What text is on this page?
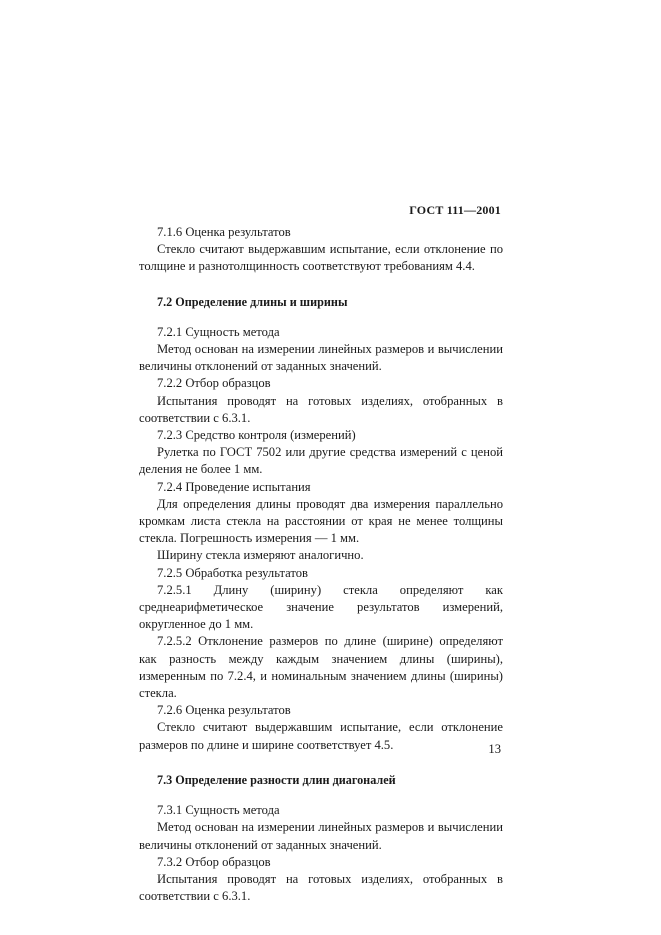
ГОСТ 111—2001

7.1.6 Оценка результатов

Стекло считают выдержавшим испытание, если отклонение по толщине и разнотолщинность соответствуют требованиям 4.4.

7.2 Определение длины и ширины

7.2.1 Сущность метода

Метод основан на измерении линейных размеров и вычислении величины отклонений от заданных значений.

7.2.2 Отбор образцов

Испытания проводят на готовых изделиях, отобранных в соответствии с 6.3.1.

7.2.3 Средство контроля (измерений)

Рулетка по ГОСТ 7502 или другие средства измерений с ценой деления не более 1 мм.

7.2.4 Проведение испытания

Для определения длины проводят два измерения параллельно кромкам листа стекла на расстоянии от края не менее толщины стекла. Погрешность измерения — 1 мм.

Ширину стекла измеряют аналогично.

7.2.5 Обработка результатов

7.2.5.1 Длину (ширину) стекла определяют как среднеарифметическое значение результатов измерений, округленное до 1 мм.

7.2.5.2 Отклонение размеров по длине (ширине) определяют как разность между каждым значением длины (ширины), измеренным по 7.2.4, и номинальным значением длины (ширины) стекла.

7.2.6 Оценка результатов

Стекло считают выдержавшим испытание, если отклонение размеров по длине и ширине соответствует 4.5.

7.3 Определение разности длин диагоналей

7.3.1 Сущность метода

Метод основан на измерении линейных размеров и вычислении величины отклонений от заданных значений.

7.3.2 Отбор образцов

Испытания проводят на готовых изделиях, отобранных в соответствии с 6.3.1.

13
